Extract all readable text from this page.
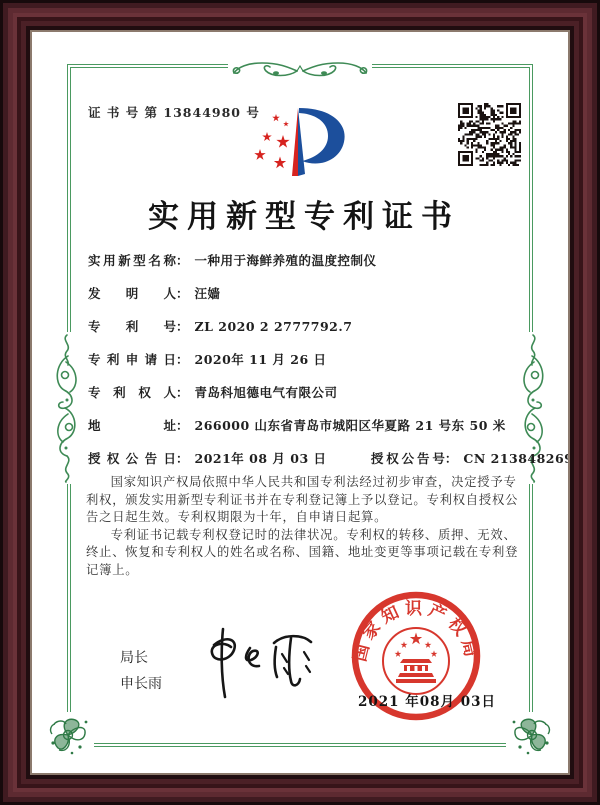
证 书 号 第 13844980 号
实用新型专利证书
实用新型名称： 一种用于海鲜养殖的温度控制仪
发明人： 汪嫱
专利号： ZL 2020 2 2777792.7
专利申请日： 2020年 11 月 26 日
专利权人： 青岛科旭德电气有限公司
地址： 266000 山东省青岛市城阳区华夏路 21 号东 50 米
授权公告日： 2021年 08 月 03 日	授权公告号： CN 213848269 U

国家知识产权局依照中华人民共和国专利法经过初步审查，决定授予专利权，颁发实用新型专利证书并在专利登记簿上予以登记。专利权自授权公告之日起生效。专利权期限为十年，自申请日起算。

专利证书记载专利权登记时的法律状况。专利权的转移、质押、无效、终止、恢复和专利权人的姓名或名称、国籍、地址变更等事项记载在专利登记簿上。

局长
申长雨
国家知识产权局
2021 年08月 03日
